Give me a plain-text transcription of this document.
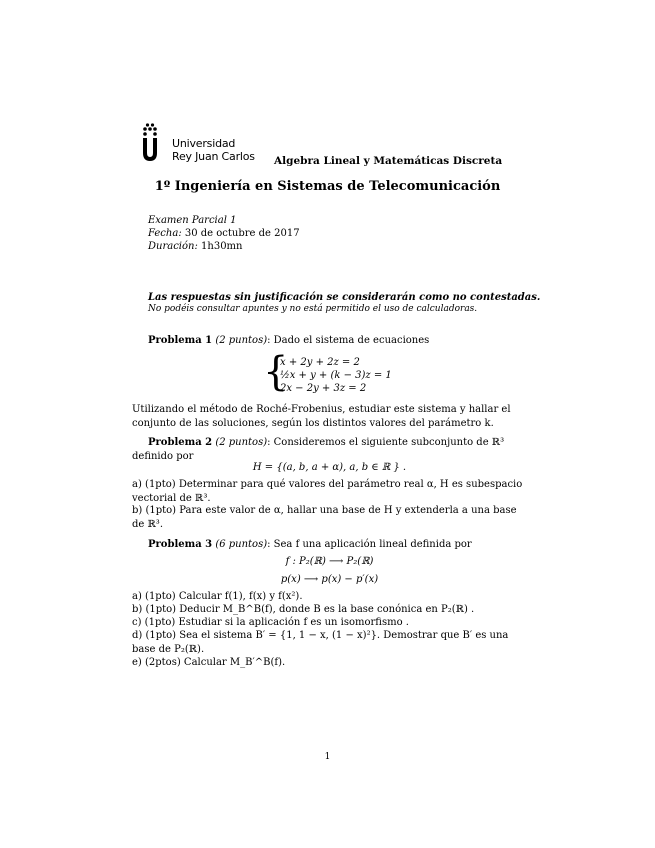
Universidad
Rey Juan Carlos Algebra Lineal y Matemáticas Discreta
1º Ingeniería en Sistemas de Telecomunicación
Examen Parcial 1
Fecha: 30 de octubre de 2017
Duración: 1h30mn
Las respuestas sin justificación se considerarán como no contestadas.
No podéis consultar apuntes y no está permitido el uso de calculadoras.
Problema 1 (2 puntos): Dado el sistema de ecuaciones
{
x + 2y + 2z = 2
½x + y + (k − 3)z = 1
2x − 2y + 3z = 2
Utilizando el método de Roché-Frobenius, estudiar este sistema y hallar el conjunto de las soluciones, según los distintos valores del parámetro k.
Problema 2 (2 puntos): Consideremos el siguiente subconjunto de ℝ³ definido por
H = {(a, b, a + α), a, b ∈ ℝ } .
a) (1pto) Determinar para qué valores del parámetro real α, H es subespacio vectorial de ℝ³.
b) (1pto) Para este valor de α, hallar una base de H y extenderla a una base de ℝ³.
Problema 3 (6 puntos): Sea f una aplicación lineal definida por
f : P₂(ℝ) ⟶ P₂(ℝ)
p(x) ⟶ p(x) − p′(x)
a) (1pto) Calcular f(1), f(x) y f(x²).
b) (1pto) Deducir M_B^B(f), donde B es la base conónica en P₂(ℝ) .
c) (1pto) Estudiar si la aplicación f es un isomorfismo .
d) (1pto) Sea el sistema B′ = {1, 1 − x, (1 − x)²}. Demostrar que B′ es una base de P₂(ℝ).
e) (2ptos) Calcular M_B′^B(f).
1
